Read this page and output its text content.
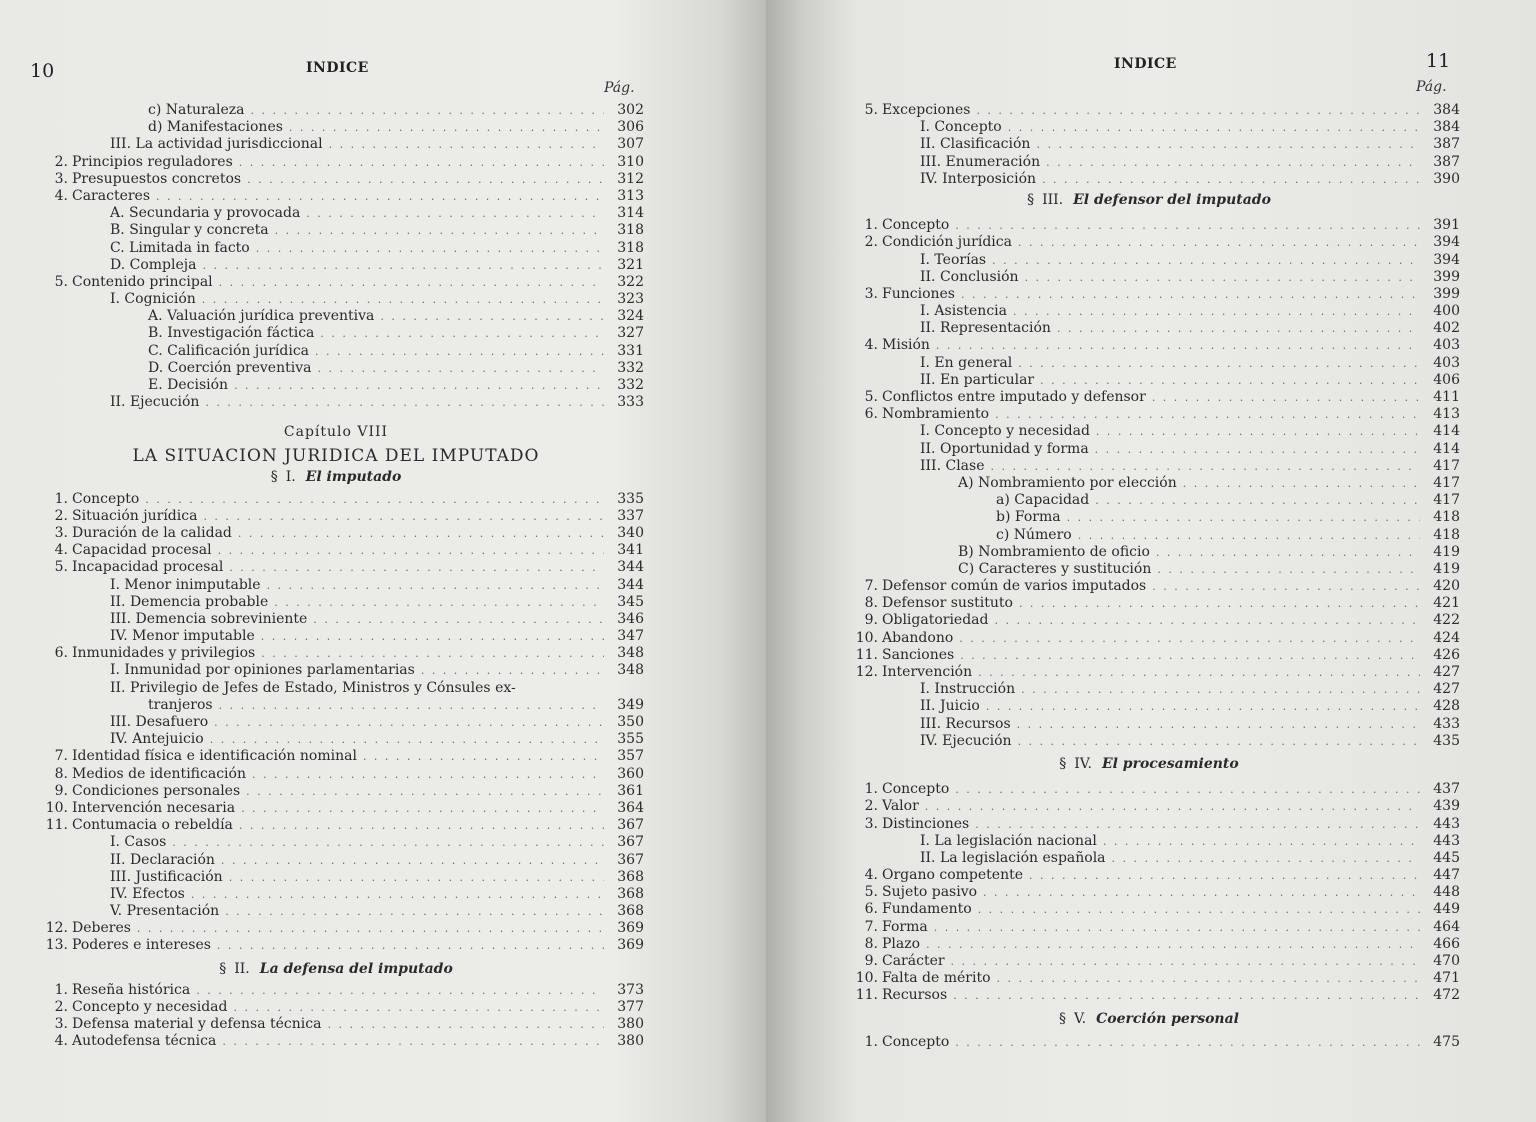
10	INDICE
Pág.
c) Naturaleza . . .	302
d) Manifestaciones . . .	306
III. La actividad jurisdiccional . . .	307
2. Principios reguladores . . .	310
3. Presupuestos concretos . . .	312
4. Caracteres . . .	313
A. Secundaria y provocada . . .	314
B. Singular y concreta . . .	318
C. Limitada in facto . . .	318
D. Compleja . . .	321
5. Contenido principal . . .	322
I. Cognición . . .	323
A. Valuación jurídica preventiva . . .	324
B. Investigación fáctica . . .	327
C. Calificación jurídica . . .	331
D. Coerción preventiva . . .	332
E. Decisión . . .	332
II. Ejecución . . .	333
Capítulo VIII
LA SITUACION JURIDICA DEL IMPUTADO
§ I. El imputado
1. Concepto . . .	335
2. Situación jurídica . . .	337
3. Duración de la calidad . . .	340
4. Capacidad procesal . . .	341
5. Incapacidad procesal . . .	344
I. Menor inimputable . . .	344
II. Demencia probable . . .	345
III. Demencia sobreviniente . . .	346
IV. Menor imputable . . .	347
6. Inmunidades y privilegios . . .	348
I. Inmunidad por opiniones parlamentarias . . .	348
II. Privilegio de Jefes de Estado, Ministros y Cónsules ex-
tranjeros . . .	349
III. Desafuero . . .	350
IV. Antejuicio . . .	355
7. Identidad física e identificación nominal . . .	357
8. Medios de identificación . . .	360
9. Condiciones personales . . .	361
10. Intervención necesaria . . .	364
11. Contumacia o rebeldía . . .	367
I. Casos . . .	367
II. Declaración . . .	367
III. Justificación . . .	368
IV. Efectos . . .	368
V. Presentación . . .	368
12. Deberes . . .	369
13. Poderes e intereses . . .	369
§ II. La defensa del imputado
1. Reseña histórica . . .	373
2. Concepto y necesidad . . .	377
3. Defensa material y defensa técnica . . .	380
4. Autodefensa técnica . . .	380
11
INDICE
Pág.
5. Excepciones . . .	384
I. Concepto . . .	384
II. Clasificación . . .	387
III. Enumeración . . .	387
IV. Interposición . . .	390
§ III. El defensor del imputado
1. Concepto . . .	391
2. Condición jurídica . . .	394
I. Teorías . . .	394
II. Conclusión . . .	399
3. Funciones . . .	399
I. Asistencia . . .	400
II. Representación . . .	402
4. Misión . . .	403
I. En general . . .	403
II. En particular . . .	406
5. Conflictos entre imputado y defensor . . .	411
6. Nombramiento . . .	413
I. Concepto y necesidad . . .	414
II. Oportunidad y forma . . .	414
III. Clase . . .	417
A) Nombramiento por elección . . .	417
a) Capacidad . . .	417
b) Forma . . .	418
c) Número . . .	418
B) Nombramiento de oficio . . .	419
C) Caracteres y sustitución . . .	419
7. Defensor común de varios imputados . . .	420
8. Defensor sustituto . . .	421
9. Obligatoriedad . . .	422
10. Abandono . . .	424
11. Sanciones . . .	426
12. Intervención . . .	427
I. Instrucción . . .	427
II. Juicio . . .	428
III. Recursos . . .	433
IV. Ejecución . . .	435
§ IV. El procesamiento
1. Concepto . . .	437
2. Valor . . .	439
3. Distinciones . . .	443
I. La legislación nacional . . .	443
II. La legislación española . . .	445
4. Organo competente . . .	447
5. Sujeto pasivo . . .	448
6. Fundamento . . .	449
7. Forma . . .	464
8. Plazo . . .	466
9. Carácter . . .	470
10. Falta de mérito . . .	471
11. Recursos . . .	472
§ V. Coerción personal
1. Concepto . . .	475
